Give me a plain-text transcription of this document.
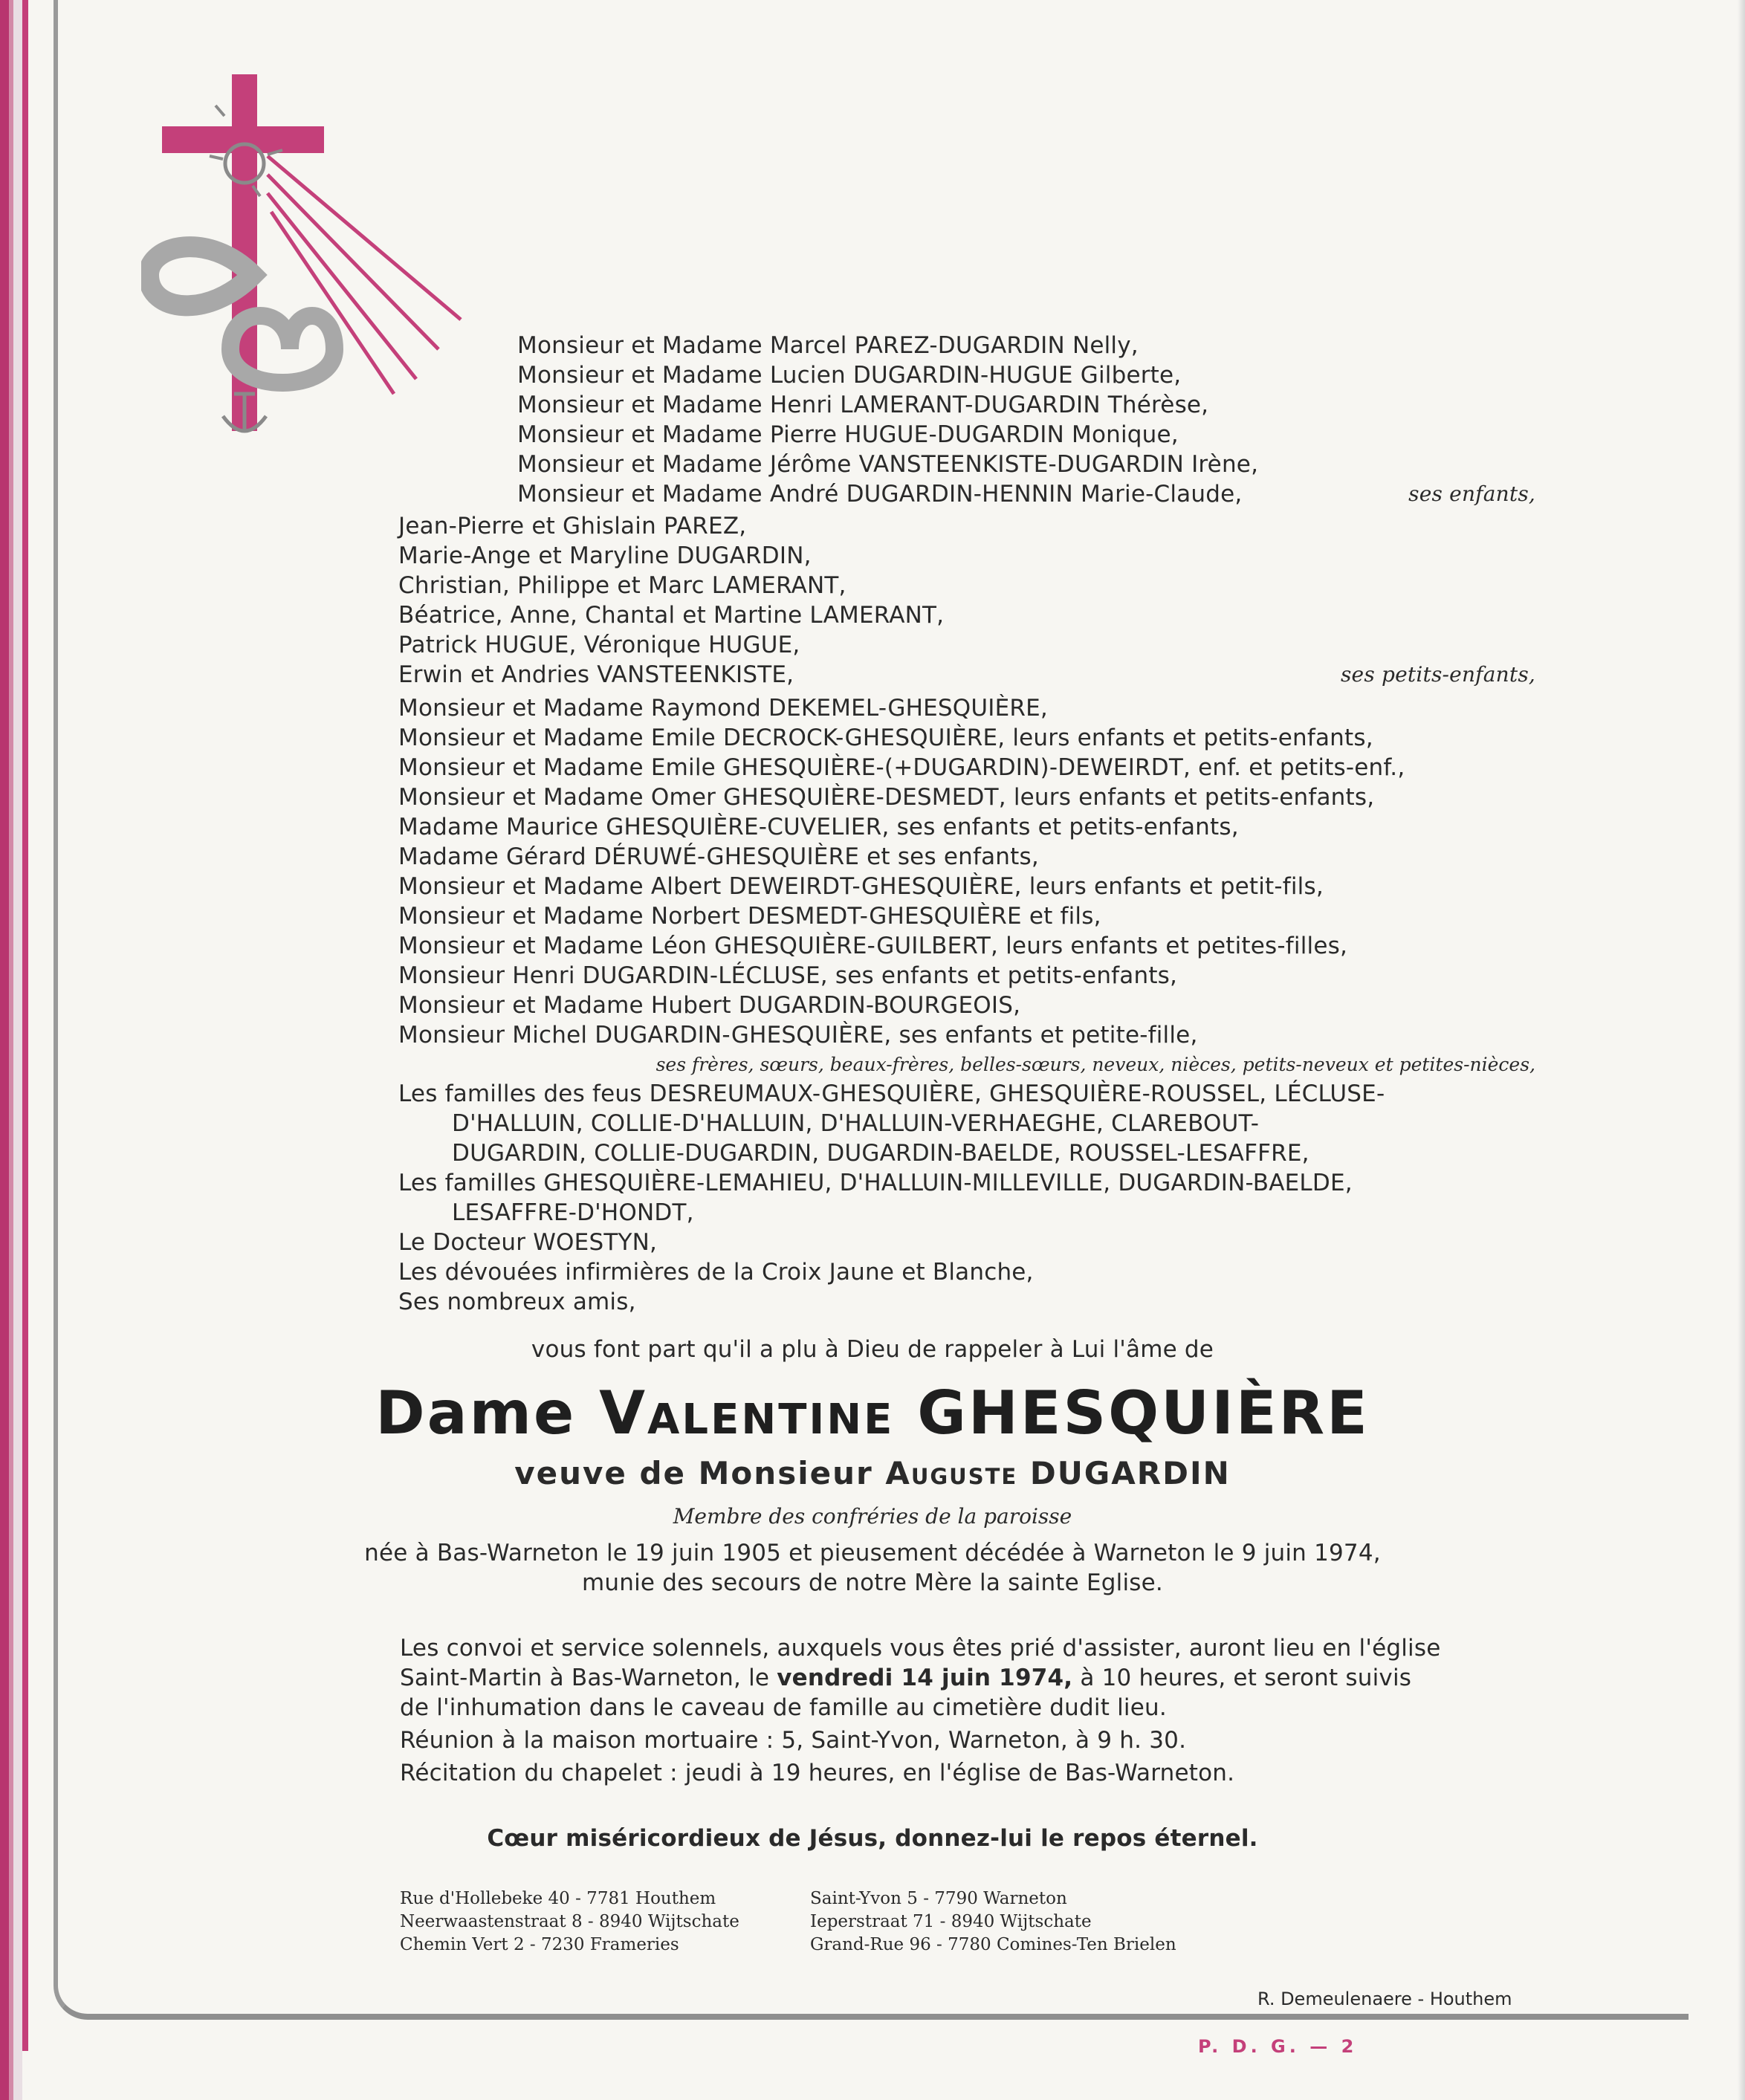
Monsieur et Madame Marcel PAREZ-DUGARDIN Nelly,
Monsieur et Madame Lucien DUGARDIN-HUGUE Gilberte,
Monsieur et Madame Henri LAMERANT-DUGARDIN Thérèse,
Monsieur et Madame Pierre HUGUE-DUGARDIN Monique,
Monsieur et Madame Jérôme VANSTEENKISTE-DUGARDIN Irène,
Monsieur et Madame André DUGARDIN-HENNIN Marie-Claude,	ses enfants,
Jean-Pierre et Ghislain PAREZ,
Marie-Ange et Maryline DUGARDIN,
Christian, Philippe et Marc LAMERANT,
Béatrice, Anne, Chantal et Martine LAMERANT,
Patrick HUGUE, Véronique HUGUE,
Erwin et Andries VANSTEENKISTE,	ses petits-enfants,
Monsieur et Madame Raymond DEKEMEL-GHESQUIÈRE,
Monsieur et Madame Emile DECROCK-GHESQUIÈRE, leurs enfants et petits-enfants,
Monsieur et Madame Emile GHESQUIÈRE-(+DUGARDIN)-DEWEIRDT, enf. et petits-enf.,
Monsieur et Madame Omer GHESQUIÈRE-DESMEDT, leurs enfants et petits-enfants,
Madame Maurice GHESQUIÈRE-CUVELIER, ses enfants et petits-enfants,
Madame Gérard DÉRUWÉ-GHESQUIÈRE et ses enfants,
Monsieur et Madame Albert DEWEIRDT-GHESQUIÈRE, leurs enfants et petit-fils,
Monsieur et Madame Norbert DESMEDT-GHESQUIÈRE et fils,
Monsieur et Madame Léon GHESQUIÈRE-GUILBERT, leurs enfants et petites-filles,
Monsieur Henri DUGARDIN-LÉCLUSE, ses enfants et petits-enfants,
Monsieur et Madame Hubert DUGARDIN-BOURGEOIS,
Monsieur Michel DUGARDIN-GHESQUIÈRE, ses enfants et petite-fille,
ses frères, sœurs, beaux-frères, belles-sœurs, neveux, nièces, petits-neveux et petites-nièces,
Les familles des feus DESREUMAUX-GHESQUIÈRE, GHESQUIÈRE-ROUSSEL, LÉCLUSE-
D'HALLUIN, COLLIE-D'HALLUIN, D'HALLUIN-VERHAEGHE, CLAREBOUT-
DUGARDIN, COLLIE-DUGARDIN, DUGARDIN-BAELDE, ROUSSEL-LESAFFRE,
Les familles GHESQUIÈRE-LEMAHIEU, D'HALLUIN-MILLEVILLE, DUGARDIN-BAELDE,
LESAFFRE-D'HONDT,
Le Docteur WOESTYN,
Les dévouées infirmières de la Croix Jaune et Blanche,
Ses nombreux amis,
vous font part qu'il a plu à Dieu de rappeler à Lui l'âme de
Dame Valentine GHESQUIÈRE
veuve de Monsieur Auguste DUGARDIN
Membre des confréries de la paroisse
née à Bas-Warneton le 19 juin 1905 et pieusement décédée à Warneton le 9 juin 1974,
munie des secours de notre Mère la sainte Eglise.
Les convoi et service solennels, auxquels vous êtes prié d'assister, auront lieu en l'église
Saint-Martin à Bas-Warneton, le vendredi 14 juin 1974, à 10 heures, et seront suivis
de l'inhumation dans le caveau de famille au cimetière dudit lieu.
Réunion à la maison mortuaire : 5, Saint-Yvon, Warneton, à 9 h. 30.
Récitation du chapelet : jeudi à 19 heures, en l'église de Bas-Warneton.
Cœur miséricordieux de Jésus, donnez-lui le repos éternel.
Rue d'Hollebeke 40 - 7781 Houthem
Neerwaastenstraat 8 - 8940 Wijtschate
Chemin Vert 2 - 7230 Frameries
Saint-Yvon 5 - 7790 Warneton
Ieperstraat 71 - 8940 Wijtschate
Grand-Rue 96 - 7780 Comines-Ten Brielen
R. Demeulenaere - Houthem
P. D. G. — 2
